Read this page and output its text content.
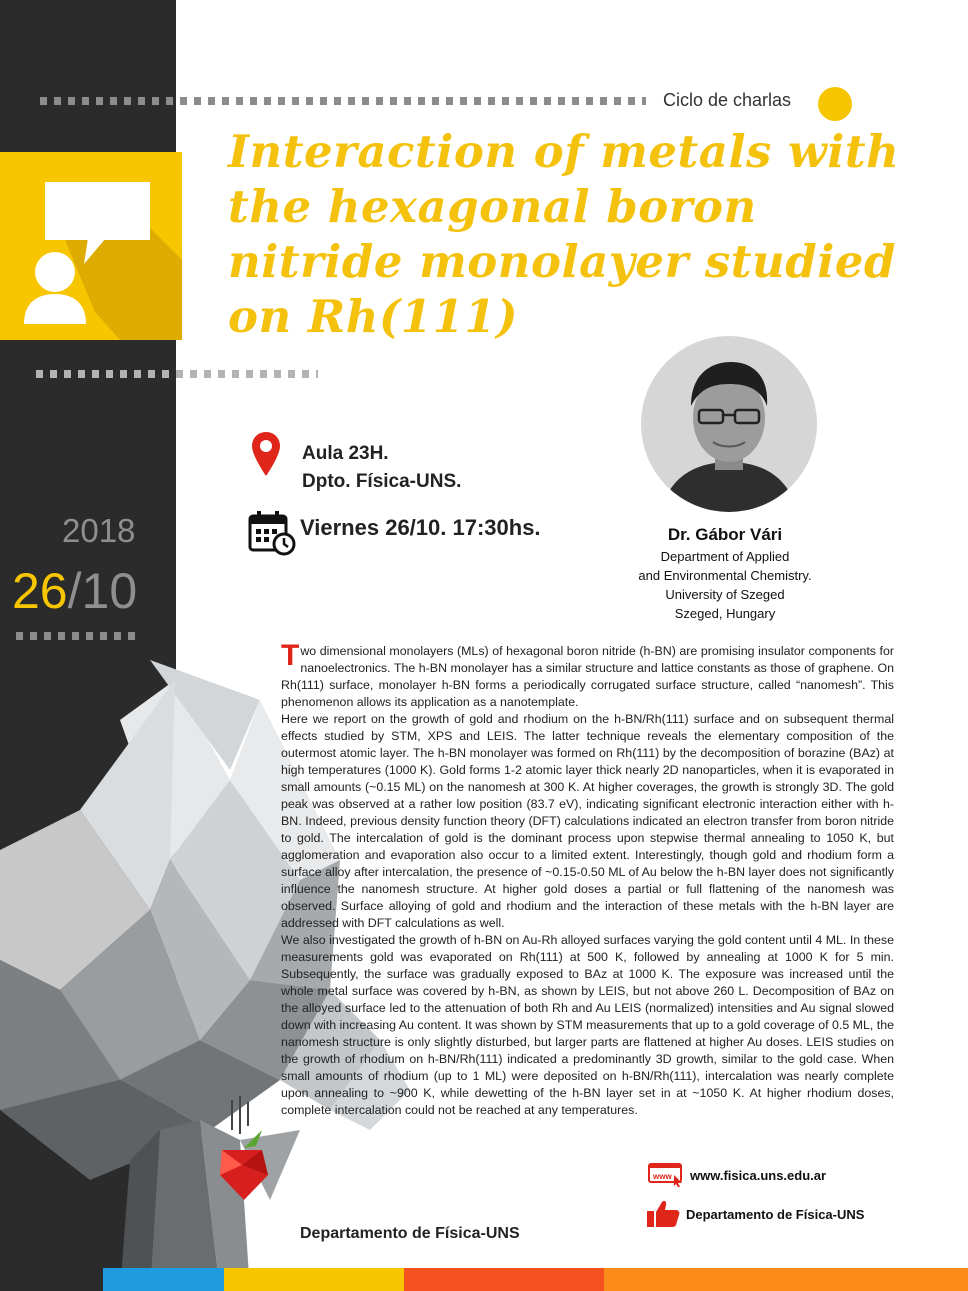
Ciclo de charlas
Interaction of metals with the hexagonal boron nitride monolayer studied on Rh(111)
2018
26/10
Aula 23H.
Dpto. Física-UNS.
Viernes 26/10. 17:30hs.	Dr. Gábor Vári
Department of Applied
and Environmental Chemistry.
University of Szeged
Szeged, Hungary

Two dimensional monolayers (MLs) of hexagonal boron nitride (h-BN) are promising insulator components for nanoelectronics. The h-BN monolayer has a similar structure and lattice constants as those of graphene. On Rh(111) surface, monolayer h-BN forms a periodically corrugated surface structure, called “nanomesh”. This phenomenon allows its application as a nanotemplate.

Here we report on the growth of gold and rhodium on the h-BN/Rh(111) surface and on subsequent thermal effects studied by STM, XPS and LEIS. The latter technique reveals the elementary composition of the outermost atomic layer. The h-BN monolayer was formed on Rh(111) by the decomposition of borazine (BAz) at high temperatures (1000 K). Gold forms 1-2 atomic layer thick nearly 2D nanoparticles, when it is evaporated in small amounts (~0.15 ML) on the nanomesh at 300 K. At higher coverages, the growth is strongly 3D. The gold peak was observed at a rather low position (83.7 eV), indicating significant electronic interaction either with h-BN. Indeed, previous density function theory (DFT) calculations indicated an electron transfer from boron nitride to gold. The intercalation of gold is the dominant process upon stepwise thermal annealing to 1050 K, but agglomeration and evaporation also occur to a limited extent. Interestingly, though gold and rhodium form a surface alloy after intercalation, the presence of ~0.15-0.50 ML of Au below the h-BN layer does not significantly influence the nanomesh structure. At higher gold doses a partial or full flattening of the nanomesh was observed. Surface alloying of gold and rhodium and the interaction of these metals with the h-BN layer are addressed with DFT calculations as well.

We also investigated the growth of h-BN on Au-Rh alloyed surfaces varying the gold content until 4 ML. In these measurements gold was evaporated on Rh(111) at 500 K, followed by annealing at 1000 K for 5 min. Subsequently, the surface was gradually exposed to BAz at 1000 K. The exposure was increased until the whole metal surface was covered by h-BN, as shown by LEIS, but not above 260 L. Decomposition of BAz on the alloyed surface led to the attenuation of both Rh and Au LEIS (normalized) intensities and Au signal slowed down with increasing Au content. It was shown by STM measurements that up to a gold coverage of 0.5 ML, the nanomesh structure is only slightly disturbed, but larger parts are flattened at higher Au doses. LEIS studies on the growth of rhodium on h-BN/Rh(111) indicated a predominantly 3D growth, similar to the gold case. When small amounts of rhodium (up to 1 ML) were deposited on h-BN/Rh(111), intercalation was nearly complete upon annealing to ~900 K, while dewetting of the h-BN layer set in at ~1050 K. At higher rhodium doses, complete intercalation could not be reached at any temperatures.

www www.fisica.uns.edu.ar
Departamento de Física-UNS
Departamento de Física-UNS
